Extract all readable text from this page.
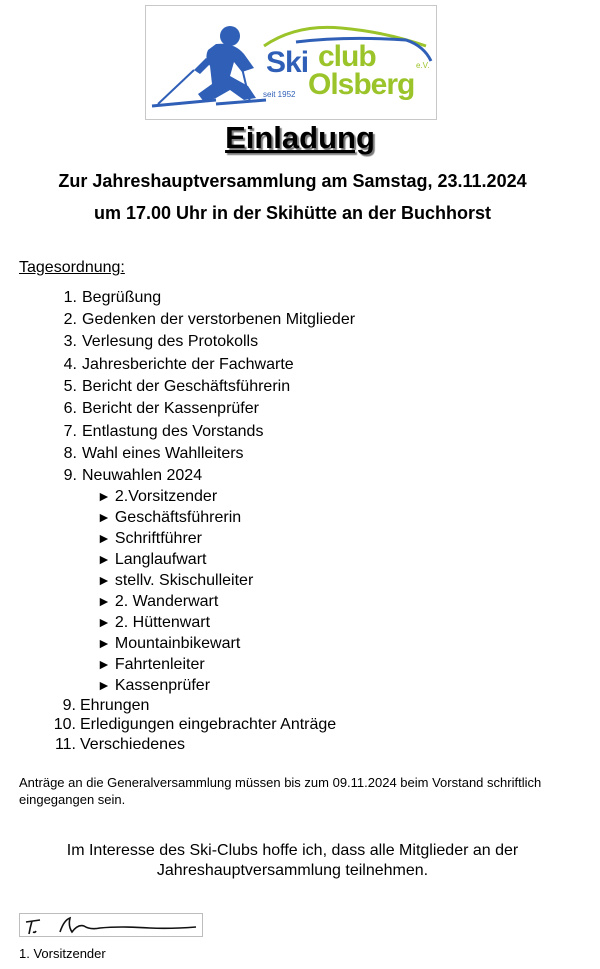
Ski club
Olsberg
e.V.
seit 1952
Einladung
Zur Jahreshauptversammlung am Samstag, 23.11.2024
um 17.00 Uhr in der Skihütte an der Buchhorst
Tagesordnung:
1. Begrüßung
2. Gedenken der verstorbenen Mitglieder
3. Verlesung des Protokolls
4. Jahresberichte der Fachwarte
5. Bericht der Geschäftsführerin
6. Bericht der Kassenprüfer
7. Entlastung des Vorstands
8. Wahl eines Wahlleiters
9. Neuwahlen 2024
► 2.Vorsitzender
► Geschäftsführerin
► Schriftführer
► Langlaufwart
► stellv. Skischulleiter
► 2. Wanderwart
► 2. Hüttenwart
► Mountainbikewart
► Fahrtenleiter
► Kassenprüfer
9. Ehrungen
10. Erledigungen eingebrachter Anträge
11. Verschiedenes
Anträge an die Generalversammlung müssen bis zum 09.11.2024 beim Vorstand schriftlich eingegangen sein.
Im Interesse des Ski-Clubs hoffe ich, dass alle Mitglieder an der Jahreshauptversammlung teilnehmen.
1. Vorsitzender
